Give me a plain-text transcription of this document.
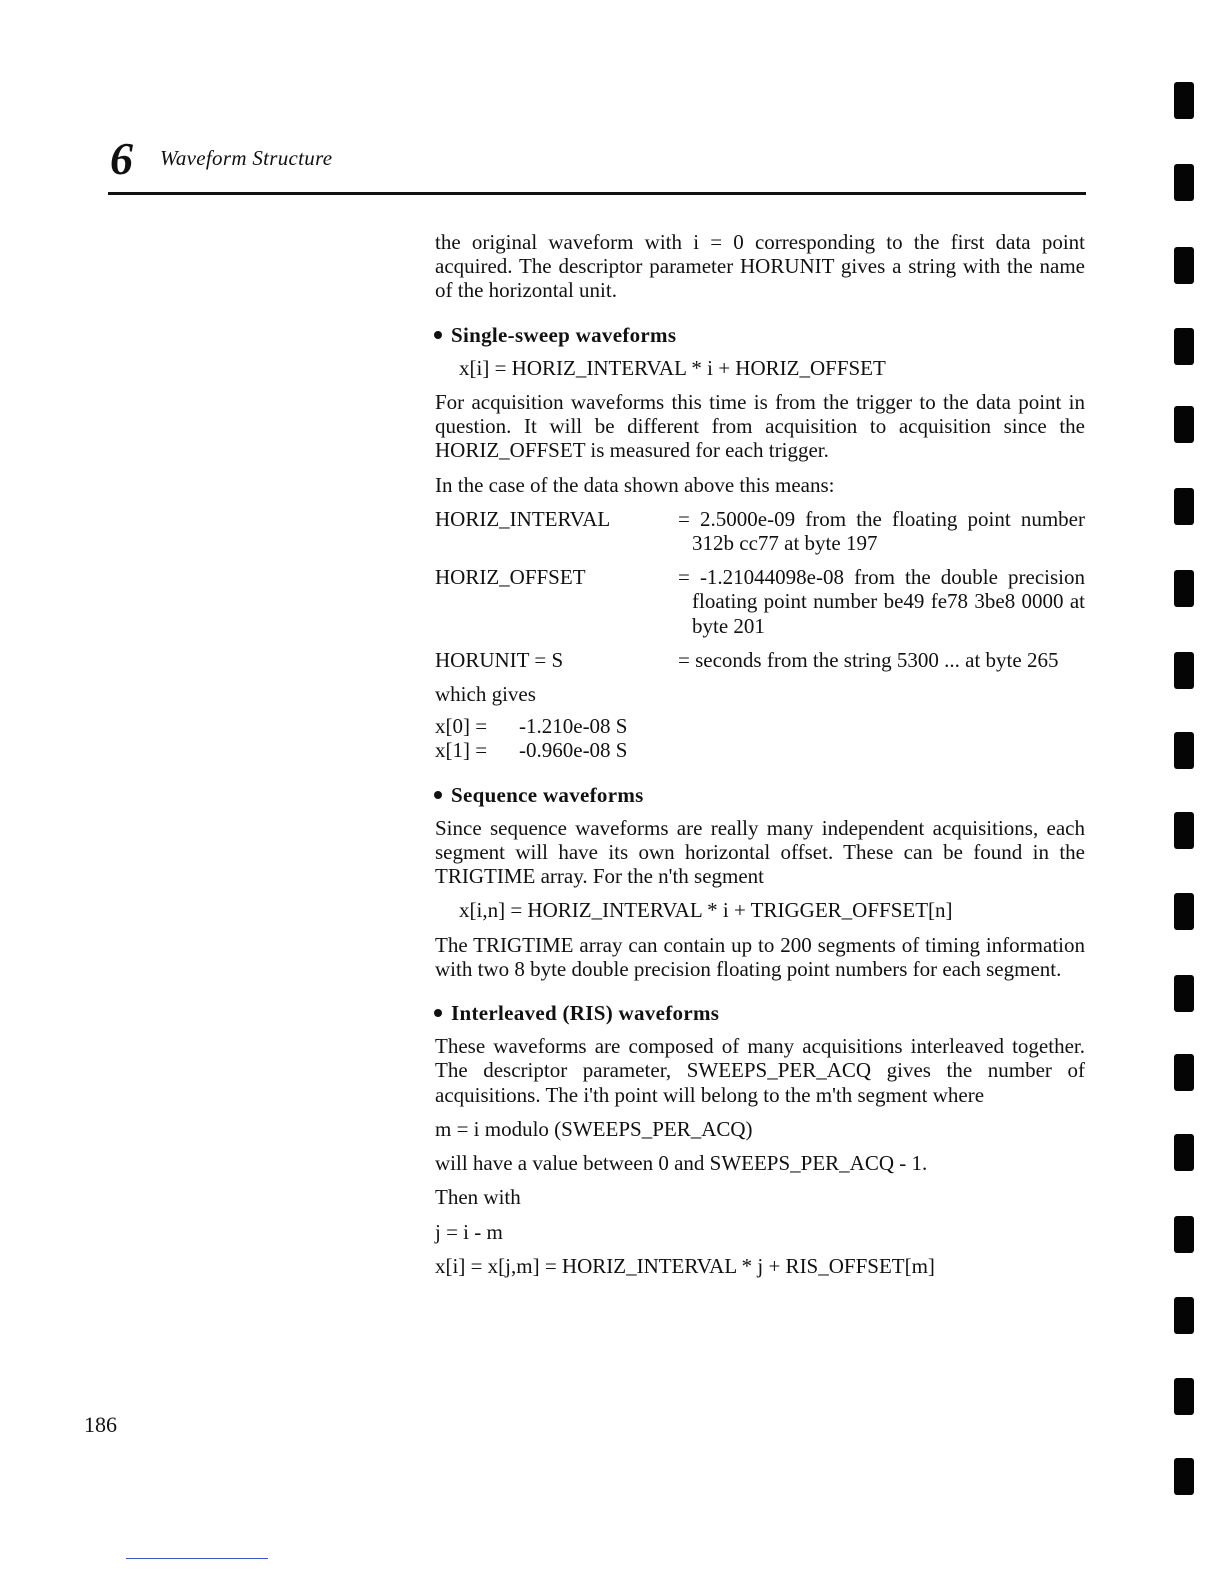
6 Waveform Structure

the original waveform with i = 0 corresponding to the first data point acquired. The descriptor parameter HORUNIT gives a string with the name of the horizontal unit.

Single-sweep waveforms

x[i] = HORIZ_INTERVAL * i + HORIZ_OFFSET

For acquisition waveforms this time is from the trigger to the data point in question. It will be different from acquisition to acquisition since the HORIZ_OFFSET is measured for each trigger.

In the case of the data shown above this means:

HORIZ_INTERVAL	= 2.5000e-09 from the floating point number 312b cc77 at byte 197
HORIZ_OFFSET	= -1.21044098e-08 from the double precision floating point number be49 fe78 3be8 0000 at byte 201
HORUNIT = S	= seconds from the string 5300 ... at byte 265

which gives

x[0] =	-1.210e-08 S
x[1] =	-0.960e-08 S
Sequence waveforms

Since sequence waveforms are really many independent acquisitions, each segment will have its own horizontal offset. These can be found in the TRIGTIME array. For the n'th segment

x[i,n] = HORIZ_INTERVAL * i + TRIGGER_OFFSET[n]

The TRIGTIME array can contain up to 200 segments of timing information with two 8 byte double precision floating point numbers for each segment.

Interleaved (RIS) waveforms

These waveforms are composed of many acquisitions interleaved together. The descriptor parameter, SWEEPS_PER_ACQ gives the number of acquisitions. The i'th point will belong to the m'th segment where

m = i modulo (SWEEPS_PER_ACQ)

will have a value between 0 and SWEEPS_PER_ACQ - 1.

Then with

j = i - m

x[i] = x[j,m] = HORIZ_INTERVAL * j + RIS_OFFSET[m]

186
